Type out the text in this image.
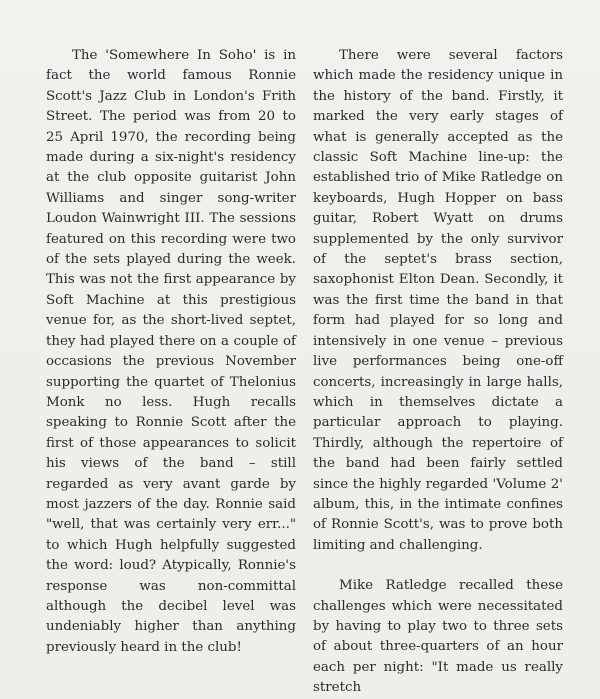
The 'Somewhere In Soho' is in fact the world famous Ronnie Scott's Jazz Club in London's Frith Street. The period was from 20 to 25 April 1970, the recording being made during a six-night's residency at the club opposite guitarist John Williams and singer song-writer Loudon Wainwright III. The sessions featured on this recording were two of the sets played during the week. This was not the first appearance by Soft Machine at this prestigious venue for, as the short-lived septet, they had played there on a couple of occasions the previous November supporting the quartet of Thelonius Monk no less. Hugh recalls speaking to Ronnie Scott after the first of those appearances to solicit his views of the band – still regarded as very avant garde by most jazzers of the day. Ronnie said "well, that was certainly very err..." to which Hugh helpfully suggested the word: loud? Atypically, Ronnie's response was non-committal although the decibel level was undeniably higher than anything previously heard in the club!

There were several factors which made the residency unique in the history of the band. Firstly, it marked the very early stages of what is generally accepted as the classic Soft Machine line-up: the established trio of Mike Ratledge on keyboards, Hugh Hopper on bass guitar, Robert Wyatt on drums supplemented by the only survivor of the septet's brass section, saxophonist Elton Dean. Secondly, it was the first time the band in that form had played for so long and intensively in one venue – previous live performances being one-off concerts, increasingly in large halls, which in themselves dictate a particular approach to playing. Thirdly, although the repertoire of the band had been fairly settled since the highly regarded 'Volume 2' album, this, in the intimate confines of Ronnie Scott's, was to prove both limiting and challenging.

Mike Ratledge recalled these challenges which were necessitated by having to play two to three sets of about three-quarters of an hour each per night: "It made us really stretch
